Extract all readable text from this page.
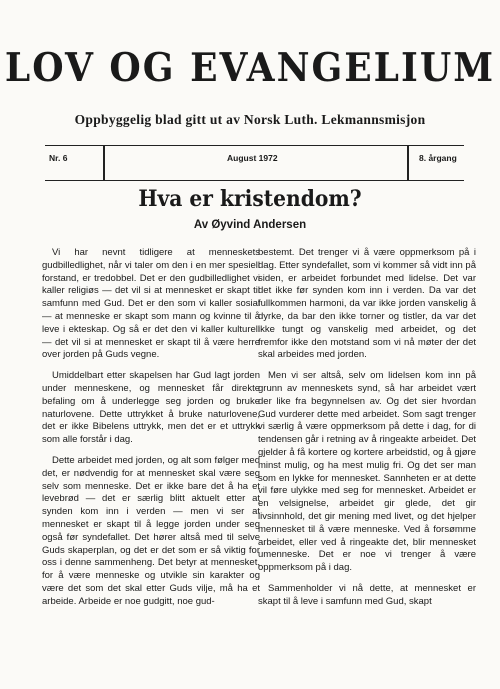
LOV OG EVANGELIUM
Oppbyggelig blad gitt ut av Norsk Luth. Lekmannsmisjon
Nr. 6	August 1972	8. årgang
Hva er kristendom?
Av Øyvind Andersen

Vi har nevnt tidligere at menneskets gudbilledlighet, når vi taler om den i en mer spesiell forstand, er tredobbel. Det er den gudbilledlighet vi kaller religiøs — det vil si at mennesket er skapt til samfunn med Gud. Det er den som vi kaller sosial — at menneske er skapt som mann og kvinne til å leve i ekteskap. Og så er det den vi kaller kulturell — det vil si at mennesket er skapt til å være herre over jorden på Guds vegne.

Umiddelbart etter skapelsen har Gud lagt jorden under menneskene, og mennesket får direkte befaling om å underlegge seg jorden og bruke naturlovene. Dette uttrykket å bruke naturlovene, det er ikke Bibelens uttrykk, men det er et uttrykk som alle forstår i dag.

Dette arbeidet med jorden, og alt som følger med det, er nødvendig for at mennesket skal være seg selv som menneske. Det er ikke bare det å ha et levebrød — det er særlig blitt aktuelt etter at synden kom inn i verden — men vi ser at mennesket er skapt til å legge jorden under seg også før syndefallet. Det hører altså med til selve Guds skaperplan, og det er det som er så viktig for oss i denne sammenheng. Det betyr at mennesket, for å være menneske og utvikle sin karakter og være det som det skal etter Guds vilje, må ha et arbeide. Arbeide er noe gudgitt, noe gud-

bestemt. Det trenger vi å være oppmerksom på i dag. Etter syndefallet, som vi kommer så vidt inn på siden, er arbeidet forbundet med lidelse. Det var det ikke før synden kom inn i verden. Da var det fullkommen harmoni, da var ikke jorden vanskelig å dyrke, da bar den ikke torner og tistler, da var det ikke tungt og vanskelig med arbeidet, og det fremfor ikke den motstand som vi nå møter der det skal arbeides med jorden.

Men vi ser altså, selv om lidelsen kom inn på grunn av menneskets synd, så har arbeidet vært der like fra begynnelsen av. Og det sier hvordan Gud vurderer dette med arbeidet. Som sagt trenger vi særlig å være oppmerksom på dette i dag, for di tendensen går i retning av å ringeakte arbeidet. Det gjelder å få kortere og kortere arbeidstid, og å gjøre minst mulig, og ha mest mulig fri. Og det ser man som en lykke for mennesket. Sannheten er at dette vil føre ulykke med seg for mennesket. Arbeidet er en velsignelse, arbeidet gir glede, det gir livsinnhold, det gir mening med livet, og det hjelper mennesket til å være menneske. Ved å forsømme arbeidet, eller ved å ringeakte det, blir mennesket umenneske. Det er noe vi trenger å være oppmerksom på i dag.

Sammenholder vi nå dette, at mennesket er skapt til å leve i samfunn med Gud, skapt
